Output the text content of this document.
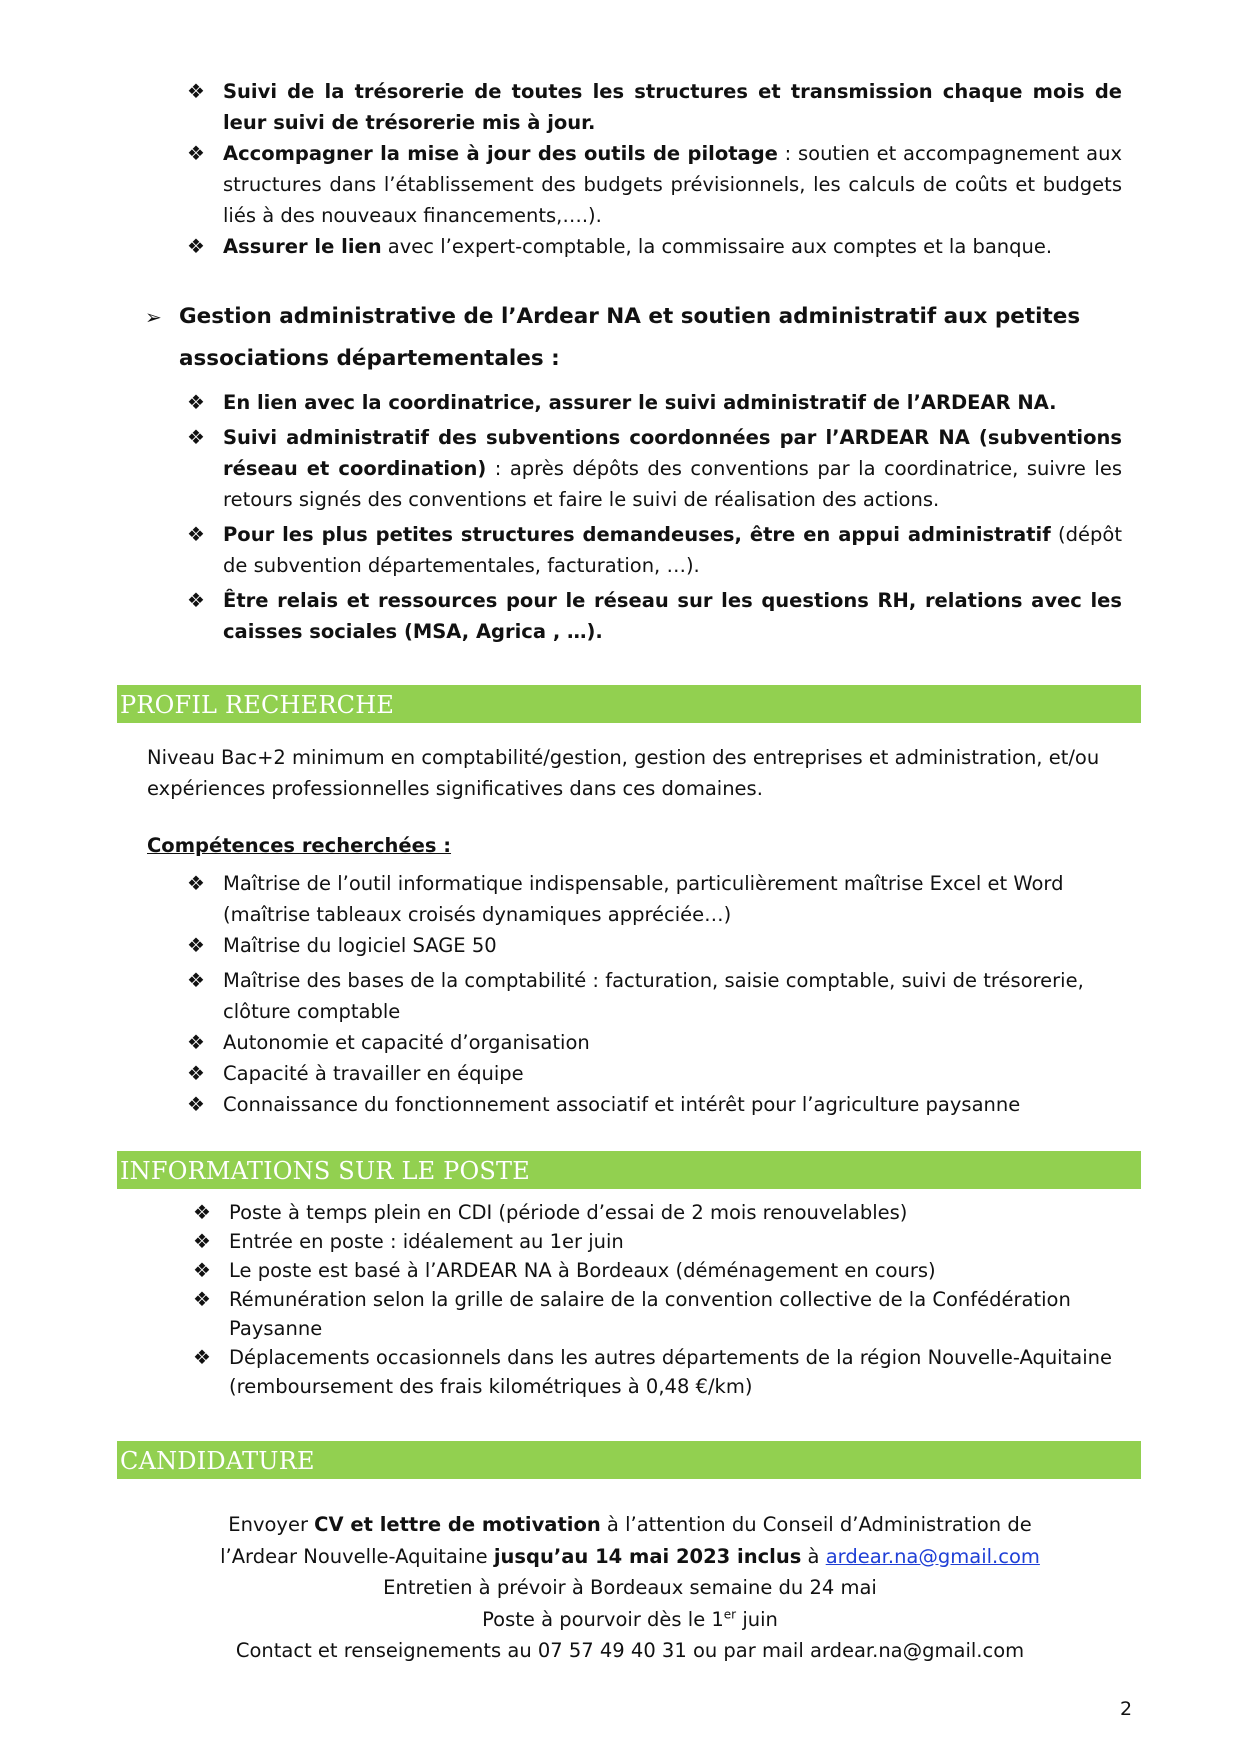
❖ Suivi de la trésorerie de toutes les structures et transmission chaque mois de leur suivi de trésorerie mis à jour.
❖ Accompagner la mise à jour des outils de pilotage : soutien et accompagnement aux structures dans l’établissement des budgets prévisionnels, les calculs de coûts et budgets liés à des nouveaux financements,….).
❖ Assurer le lien avec l’expert-comptable, la commissaire aux comptes et la banque.
➢ Gestion administrative de l’Ardear NA et soutien administratif aux petites associations départementales :
❖ En lien avec la coordinatrice, assurer le suivi administratif de l’ARDEAR NA.
❖ Suivi administratif des subventions coordonnées par l’ARDEAR NA (subventions réseau et coordination) : après dépôts des conventions par la coordinatrice, suivre les retours signés des conventions et faire le suivi de réalisation des actions.
❖ Pour les plus petites structures demandeuses, être en appui administratif (dépôt de subvention départementales, facturation, …).
❖ Être relais et ressources pour le réseau sur les questions RH, relations avec les caisses sociales (MSA, Agrica , …).
PROFIL RECHERCHE
Niveau Bac+2 minimum en comptabilité/gestion, gestion des entreprises et administration, et/ou expériences professionnelles significatives dans ces domaines.
Compétences recherchées :
❖ Maîtrise de l’outil informatique indispensable, particulièrement maîtrise Excel et Word (maîtrise tableaux croisés dynamiques appréciée…)
❖ Maîtrise du logiciel SAGE 50
❖ Maîtrise des bases de la comptabilité : facturation, saisie comptable, suivi de trésorerie, clôture comptable
❖ Autonomie et capacité d’organisation
❖ Capacité à travailler en équipe
❖ Connaissance du fonctionnement associatif et intérêt pour l’agriculture paysanne
INFORMATIONS SUR LE POSTE
❖ Poste à temps plein en CDI (période d’essai de 2 mois renouvelables)
❖ Entrée en poste : idéalement au 1er juin
❖ Le poste est basé à l’ARDEAR NA à Bordeaux (déménagement en cours)
❖ Rémunération selon la grille de salaire de la convention collective de la Confédération Paysanne
❖ Déplacements occasionnels dans les autres départements de la région Nouvelle-Aquitaine (remboursement des frais kilométriques à 0,48 €/km)
CANDIDATURE
Envoyer CV et lettre de motivation à l’attention du Conseil d’Administration de
l’Ardear Nouvelle-Aquitaine jusqu’au 14 mai 2023 inclus à ardear.na@gmail.com
Entretien à prévoir à Bordeaux semaine du 24 mai
Poste à pourvoir dès le 1er juin
Contact et renseignements au 07 57 49 40 31 ou par mail ardear.na@gmail.com
2
